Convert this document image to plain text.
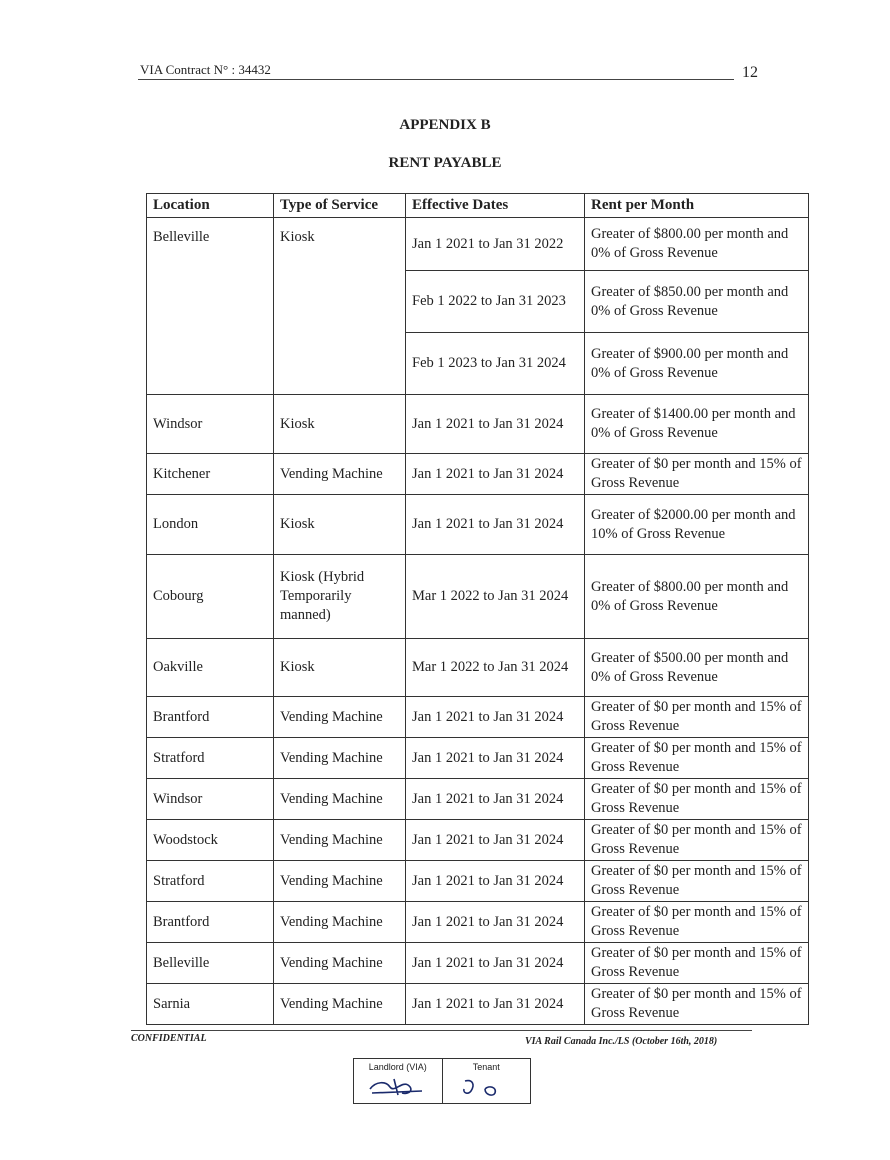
VIA Contract N° : 34432	12
APPENDIX B
RENT PAYABLE
Location	Type of Service	Effective Dates	Rent per Month
Belleville	Kiosk	Jan 1 2021 to Jan 31 2022	Greater of $800.00 per month and 0% of Gross Revenue
		Feb 1 2022 to Jan 31 2023	Greater of $850.00 per month and 0% of Gross Revenue
		Feb 1 2023 to Jan 31 2024	Greater of $900.00 per month and 0% of Gross Revenue
Windsor	Kiosk	Jan 1 2021 to Jan 31 2024	Greater of $1400.00 per month and 0% of Gross Revenue
Kitchener	Vending Machine	Jan 1 2021 to Jan 31 2024	Greater of $0 per month and 15% of Gross Revenue
London	Kiosk	Jan 1 2021 to Jan 31 2024	Greater of $2000.00 per month and 10% of Gross Revenue
Cobourg	Kiosk (Hybrid Temporarily manned)	Mar 1 2022 to Jan 31 2024	Greater of $800.00 per month and 0% of Gross Revenue
Oakville	Kiosk	Mar 1 2022 to Jan 31 2024	Greater of $500.00 per month and 0% of Gross Revenue
Brantford	Vending Machine	Jan 1 2021 to Jan 31 2024	Greater of $0 per month and 15% of Gross Revenue
Stratford	Vending Machine	Jan 1 2021 to Jan 31 2024	Greater of $0 per month and 15% of Gross Revenue
Windsor	Vending Machine	Jan 1 2021 to Jan 31 2024	Greater of $0 per month and 15% of Gross Revenue
Woodstock	Vending Machine	Jan 1 2021 to Jan 31 2024	Greater of $0 per month and 15% of Gross Revenue
Stratford	Vending Machine	Jan 1 2021 to Jan 31 2024	Greater of $0 per month and 15% of Gross Revenue
Brantford	Vending Machine	Jan 1 2021 to Jan 31 2024	Greater of $0 per month and 15% of Gross Revenue
Belleville	Vending Machine	Jan 1 2021 to Jan 31 2024	Greater of $0 per month and 15% of Gross Revenue
Sarnia	Vending Machine	Jan 1 2021 to Jan 31 2024	Greater of $0 per month and 15% of Gross Revenue
CONFIDENTIAL	VIA Rail Canada Inc./LS (October 16th, 2018)
Landlord (VIA)	Tenant
